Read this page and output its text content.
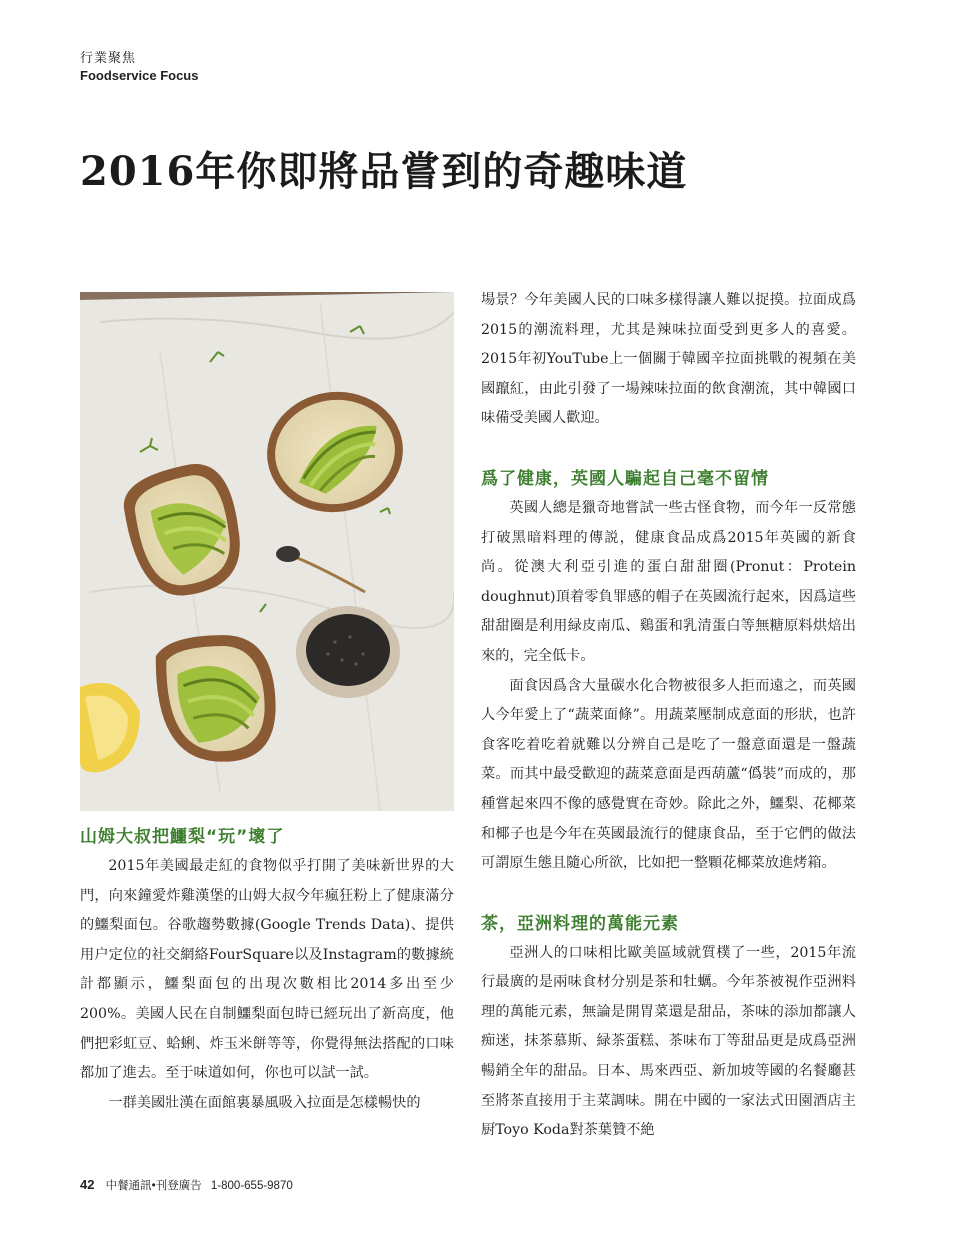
行業聚焦
Foodservice Focus
2016年你即將品嘗到的奇趣味道
山姆大叔把鱷梨“玩”壞了

2015年美國最走紅的食物似乎打開了美味新世界的大門，向來鐘愛炸雞漢堡的山姆大叔今年瘋狂粉上了健康滿分的鱷梨面包。谷歌趨勢數據(Google Trends Data)、提供用户定位的社交網絡FourSquare以及Instagram的數據統計都顯示，鱷梨面包的出現次數相比2014多出至少200%。美國人民在自制鱷梨面包時已經玩出了新高度，他們把彩虹豆、蛤蜊、炸玉米餅等等，你覺得無法搭配的口味都加了進去。至于味道如何，你也可以試一試。

一群美國壯漢在面館裏暴風吸入拉面是怎樣暢快的

場景？今年美國人民的口味多樣得讓人難以捉摸。拉面成爲2015的潮流料理，尤其是辣味拉面受到更多人的喜愛。2015年初YouTube上一個關于韓國辛拉面挑戰的視頻在美國躥紅，由此引發了一場辣味拉面的飲食潮流，其中韓國口味備受美國人歡迎。

爲了健康，英國人騙起自己毫不留情

英國人總是獵奇地嘗試一些古怪食物，而今年一反常態打破黑暗料理的傳説，健康食品成爲2015年英國的新食尚。從澳大利亞引進的蛋白甜甜圈(Pronut：Protein doughnut)頂着零負罪感的帽子在英國流行起來，因爲這些甜甜圈是利用緑皮南瓜、鷄蛋和乳清蛋白等無糖原料烘焙出來的，完全低卡。

面食因爲含大量碳水化合物被很多人拒而遠之，而英國人今年愛上了“蔬菜面條”。用蔬菜壓制成意面的形狀，也許食客吃着吃着就難以分辨自己是吃了一盤意面還是一盤蔬菜。而其中最受歡迎的蔬菜意面是西葫蘆“僞裝”而成的，那種嘗起來四不像的感覺實在奇妙。除此之外，鱷梨、花椰菜和椰子也是今年在英國最流行的健康食品，至于它們的做法可謂原生態且隨心所欲，比如把一整顆花椰菜放進烤箱。

茶，亞洲料理的萬能元素

亞洲人的口味相比歐美區域就質樸了一些，2015年流行最廣的是兩味食材分别是茶和牡蠣。今年茶被視作亞洲料理的萬能元素，無論是開胃菜還是甜品，茶味的添加都讓人痴迷，抹茶慕斯、緑茶蛋糕、茶味布丁等甜品更是成爲亞洲暢銷全年的甜品。日本、馬來西亞、新加坡等國的名餐廳甚至將茶直接用于主菜調味。開在中國的一家法式田園酒店主厨Toyo Koda對茶葉贊不絶

42 中餐通訊•刊登廣告 1-800-655-9870
